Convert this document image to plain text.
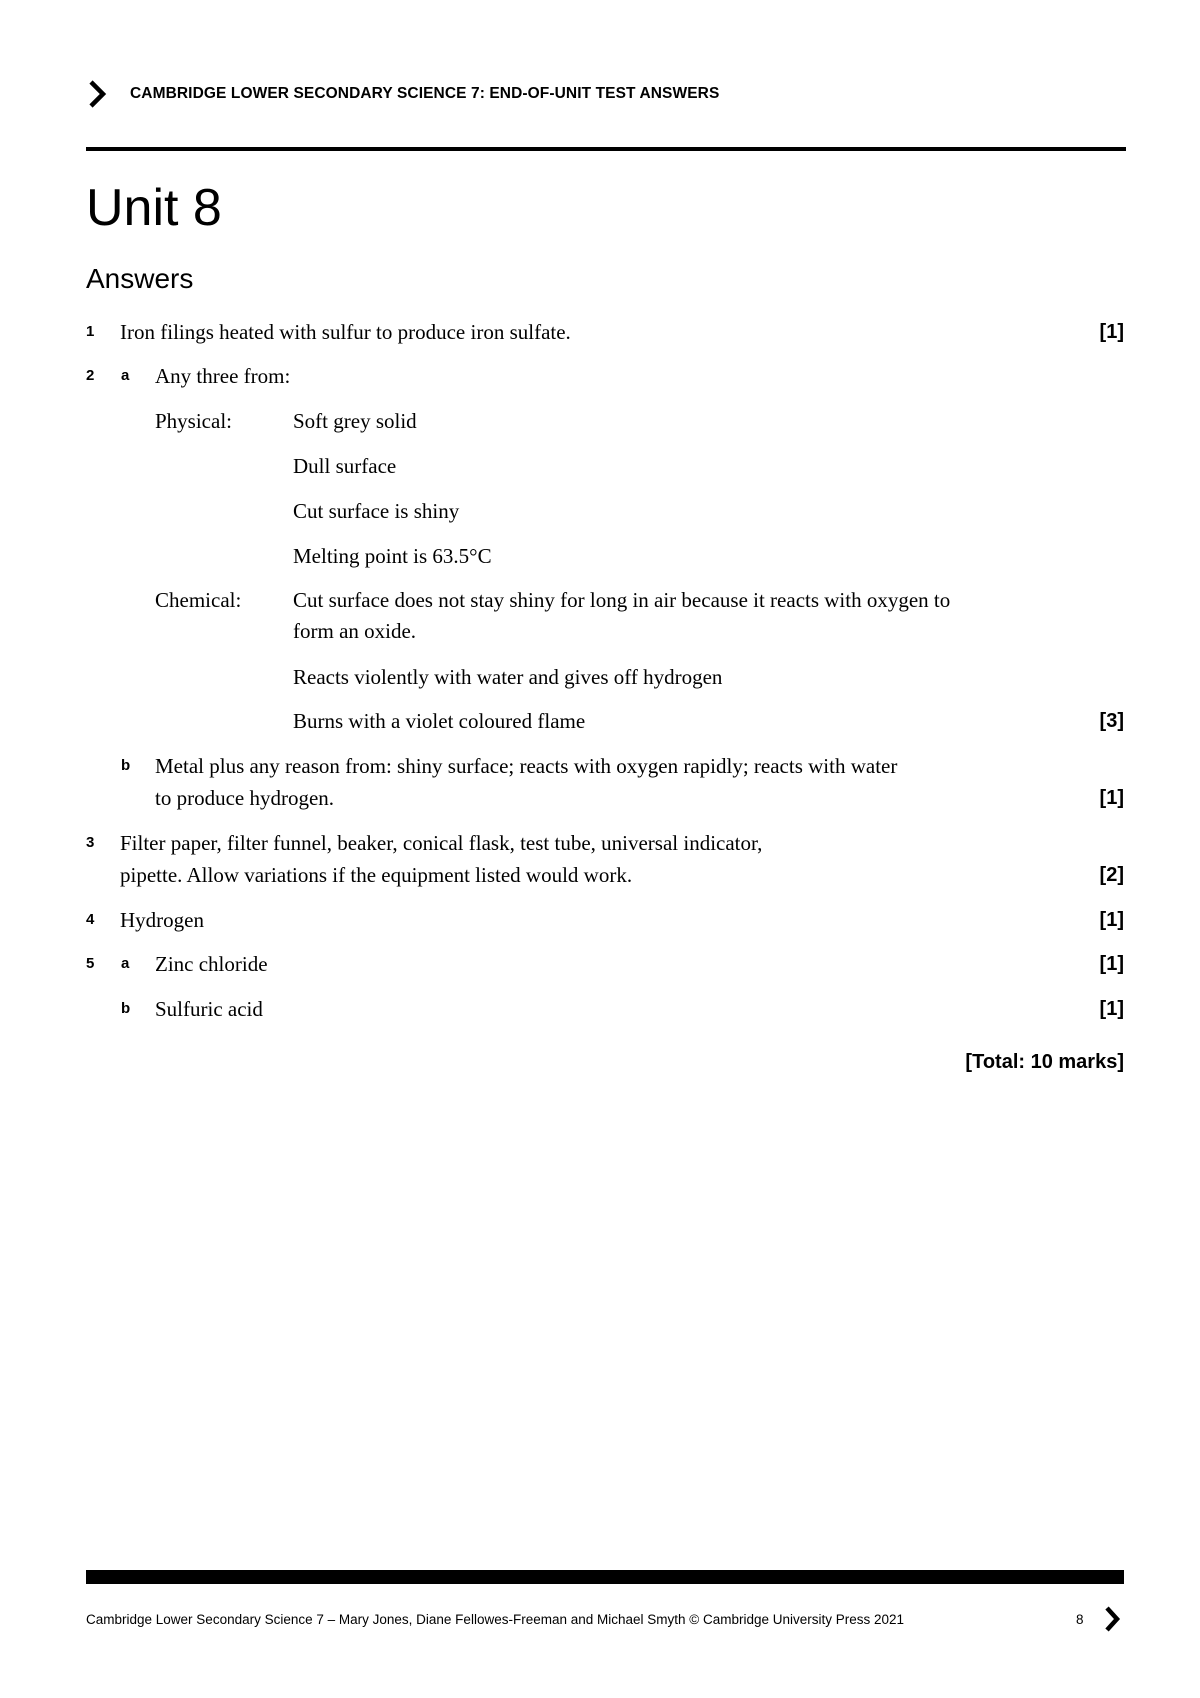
CAMBRIDGE LOWER SECONDARY SCIENCE 7: END-OF-UNIT TEST ANSWERS
Unit 8
Answers
1 Iron filings heated with sulfur to produce iron sulfate.	[1]
2 a Any three from:
Physical:	Soft grey solid
Dull surface
Cut surface is shiny
Melting point is 63.5°C
Chemical: Cut surface does not stay shiny for long in air because it reacts with oxygen to
form an oxide.
Reacts violently with water and gives off hydrogen
Burns with a violet coloured flame	[3]
b Metal plus any reason from: shiny surface; reacts with oxygen rapidly; reacts with water
to produce hydrogen.	[1]
3 Filter paper, filter funnel, beaker, conical flask, test tube, universal indicator,
pipette. Allow variations if the equipment listed would work.	[2]
4 Hydrogen	[1]
5 a Zinc chloride	[1]
b Sulfuric acid	[1]
[Total: 10 marks]
Cambridge Lower Secondary Science 7 – Mary Jones, Diane Fellowes-Freeman and Michael Smyth © Cambridge University Press 2021	8
